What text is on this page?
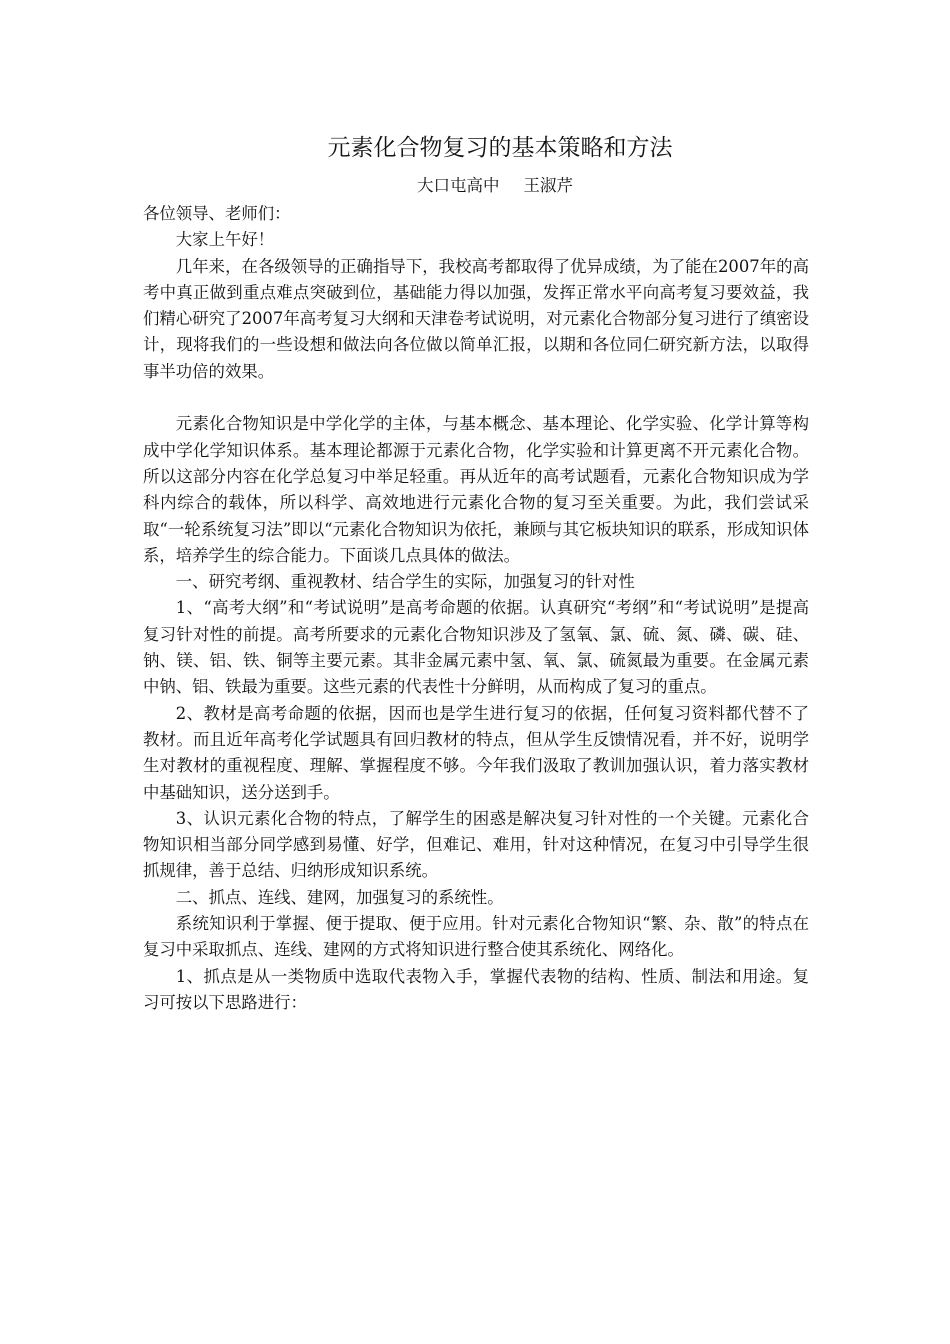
元素化合物复习的基本策略和方法
大口屯高中 王淑芹

各位领导、老师们：

大家上午好！

几年来，在各级领导的正确指导下，我校高考都取得了优异成绩，为了能在2007年的高考中真正做到重点难点突破到位，基础能力得以加强，发挥正常水平向高考复习要效益，我们精心研究了2007年高考复习大纲和天津卷考试说明，对元素化合物部分复习进行了缜密设计，现将我们的一些设想和做法向各位做以简单汇报，以期和各位同仁研究新方法，以取得事半功倍的效果。

元素化合物知识是中学化学的主体，与基本概念、基本理论、化学实验、化学计算等构成中学化学知识体系。基本理论都源于元素化合物，化学实验和计算更离不开元素化合物。所以这部分内容在化学总复习中举足轻重。再从近年的高考试题看，元素化合物知识成为学科内综合的载体，所以科学、高效地进行元素化合物的复习至关重要。为此，我们尝试采取“一轮系统复习法”即以“元素化合物知识为依托，兼顾与其它板块知识的联系，形成知识体系，培养学生的综合能力。下面谈几点具体的做法。

一、研究考纲、重视教材、结合学生的实际，加强复习的针对性

1、“高考大纲”和“考试说明”是高考命题的依据。认真研究“考纲”和“考试说明”是提高复习针对性的前提。高考所要求的元素化合物知识涉及了氢氧、氯、硫、氮、磷、碳、硅、钠、镁、铝、铁、铜等主要元素。其非金属元素中氢、氧、氯、硫氮最为重要。在金属元素中钠、铝、铁最为重要。这些元素的代表性十分鲜明，从而构成了复习的重点。

2、教材是高考命题的依据，因而也是学生进行复习的依据，任何复习资料都代替不了教材。而且近年高考化学试题具有回归教材的特点，但从学生反馈情况看，并不好，说明学生对教材的重视程度、理解、掌握程度不够。今年我们汲取了教训加强认识，着力落实教材中基础知识，送分送到手。

3、认识元素化合物的特点，了解学生的困惑是解决复习针对性的一个关键。元素化合物知识相当部分同学感到易懂、好学，但难记、难用，针对这种情况，在复习中引导学生很抓规律，善于总结、归纳形成知识系统。

二、抓点、连线、建网，加强复习的系统性。

系统知识利于掌握、便于提取、便于应用。针对元素化合物知识“繁、杂、散”的特点在复习中采取抓点、连线、建网的方式将知识进行整合使其系统化、网络化。

1、抓点是从一类物质中选取代表物入手，掌握代表物的结构、性质、制法和用途。复习可按以下思路进行：
